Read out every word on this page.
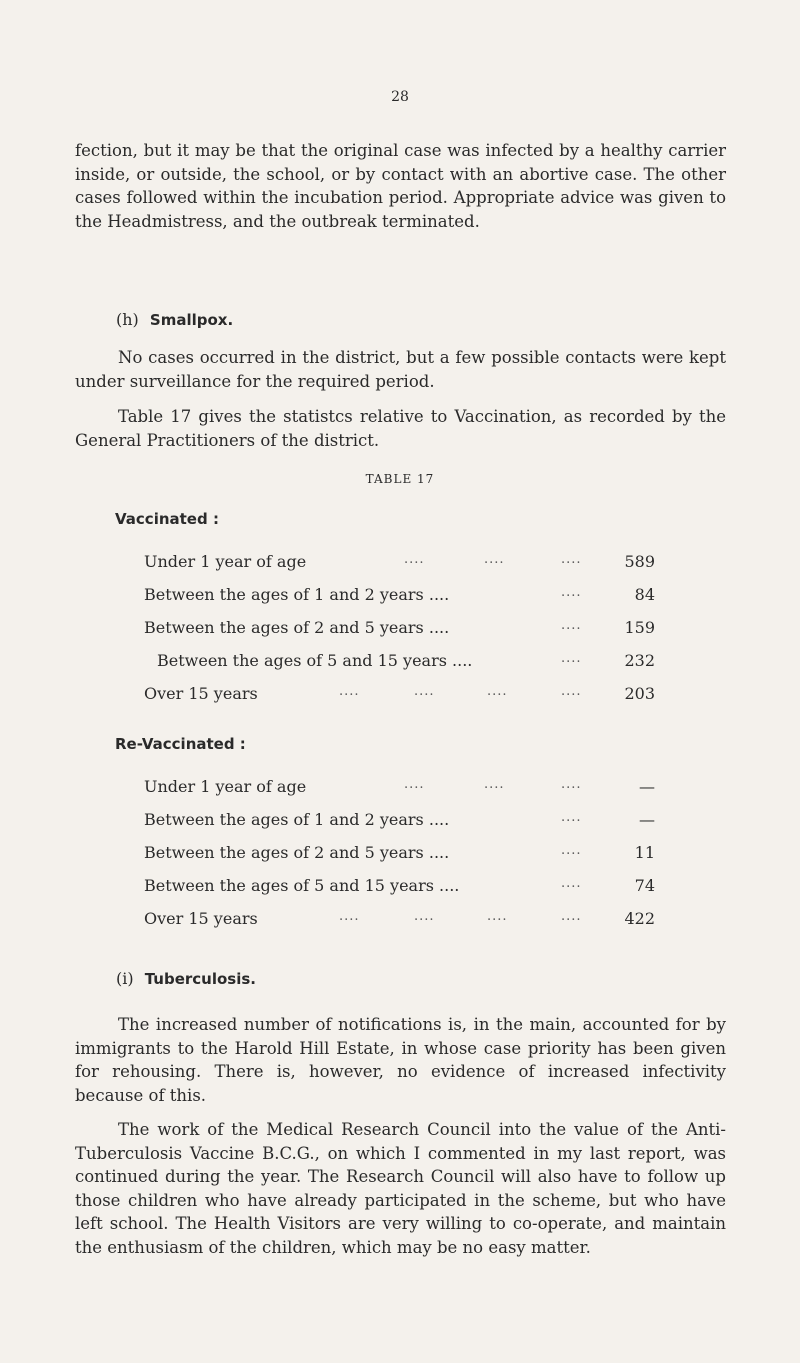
28

fection, but it may be that the original case was infected by a healthy carrier inside, or outside, the school, or by contact with an abortive case. The other cases followed within the incubation period. Appropriate advice was given to the Headmistress, and the outbreak terminated.

(h) Smallpox.

No cases occurred in the district, but a few possible contacts were kept under surveillance for the required period.

Table 17 gives the statistcs relative to Vaccination, as recorded by the General Practitioners of the district.

TABLE 17
Vaccinated :
Under 1 year of age	....	....	....	589
Between the ages of 1 and 2 years ....	....	84
Between the ages of 2 and 5 years ....	....	159
Between the ages of 5 and 15 years ....	....	232
Over 15 years	....	....	....	....	203
Re-Vaccinated :
Under 1 year of age	....	....	....	—
Between the ages of 1 and 2 years ....	....	—
Between the ages of 2 and 5 years ....	....	11
Between the ages of 5 and 15 years ....	....	74
Over 15 years	....	....	....	....	422
(i) Tuberculosis.

The increased number of notifications is, in the main, accounted for by immigrants to the Harold Hill Estate, in whose case priority has been given for rehousing. There is, however, no evidence of increased infectivity because of this.

The work of the Medical Research Council into the value of the Anti-Tuberculosis Vaccine B.C.G., on which I commented in my last report, was continued during the year. The Research Council will also have to follow up those children who have already participated in the scheme, but who have left school. The Health Visitors are very willing to co-operate, and maintain the enthusiasm of the children, which may be no easy matter.
